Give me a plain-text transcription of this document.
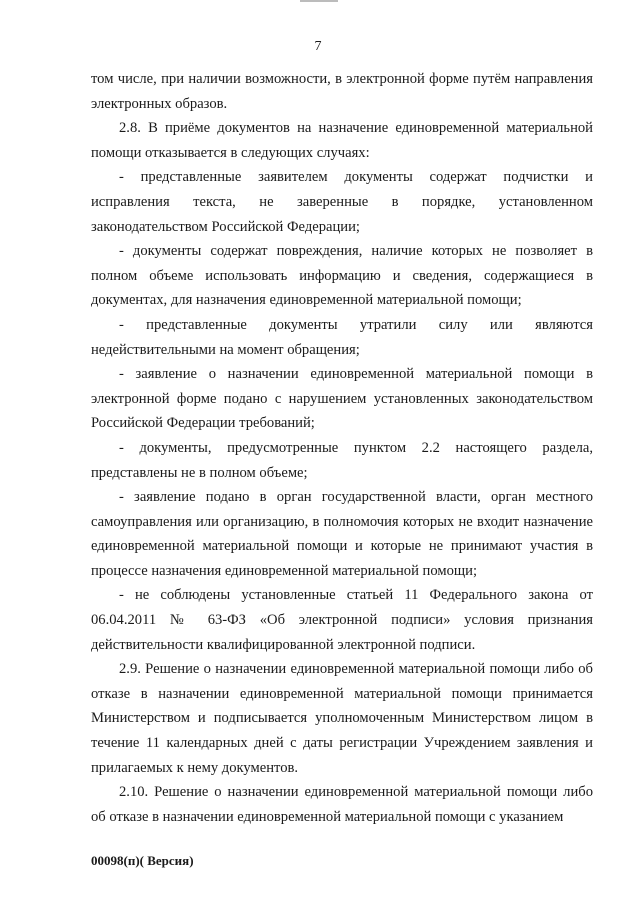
7

том числе, при наличии возможности, в электронной форме путём направления электронных образов.

2.8. В приёме документов на назначение единовременной материальной помощи отказывается в следующих случаях:

- представленные заявителем документы содержат подчистки и исправления текста, не заверенные в порядке, установленном законодательством Российской Федерации;

- документы содержат повреждения, наличие которых не позволяет в полном объеме использовать информацию и сведения, содержащиеся в документах, для назначения единовременной материальной помощи;

- представленные документы утратили силу или являются недействительными на момент обращения;

- заявление о назначении единовременной материальной помощи в электронной форме подано с нарушением установленных законодательством Российской Федерации требований;

- документы, предусмотренные пунктом 2.2 настоящего раздела, представлены не в полном объеме;

- заявление подано в орган государственной власти, орган местного самоуправления или организацию, в полномочия которых не входит назначение единовременной материальной помощи и которые не принимают участия в процессе назначения единовременной материальной помощи;

- не соблюдены установленные статьей 11 Федерального закона от 06.04.2011 № 63-ФЗ «Об электронной подписи» условия признания действительности квалифицированной электронной подписи.

2.9. Решение о назначении единовременной материальной помощи либо об отказе в назначении единовременной материальной помощи принимается Министерством и подписывается уполномоченным Министерством лицом в течение 11 календарных дней с даты регистрации Учреждением заявления и прилагаемых к нему документов.

2.10. Решение о назначении единовременной материальной помощи либо об отказе в назначении единовременной материальной помощи с указанием

00098(п)( Версия)
